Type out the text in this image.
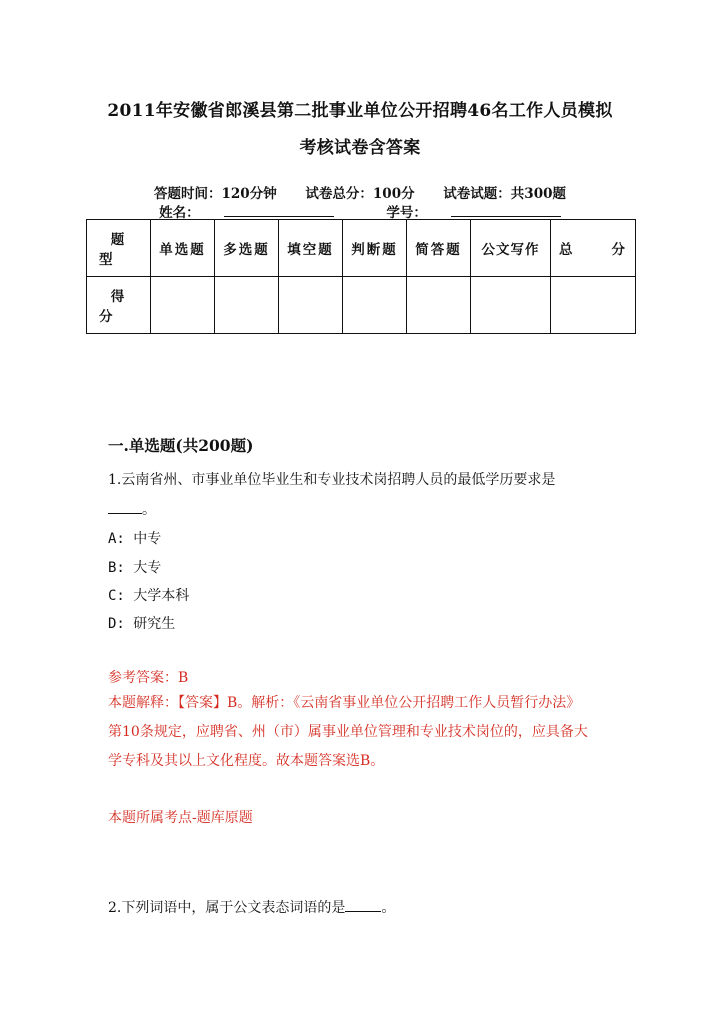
2011年安徽省郎溪县第二批事业单位公开招聘46名工作人员模拟
考核试卷含答案
答题时间：120分钟 试卷总分：100分 试卷试题：共300题
姓名：	学号：
题　型	单选题	多选题	填空题	判断题	简答题	公文写作	总　分
得　分							
一.单选题(共200题)
1.云南省州、市事业单位毕业生和专业技术岗招聘人员的最低学历要求是
。
A: 中专
B: 大专
C: 大学本科
D: 研究生
参考答案：B
本题解释：【答案】B。解析：《云南省事业单位公开招聘工作人员暂行办法》
第10条规定，应聘省、州（市）属事业单位管理和专业技术岗位的，应具备大
学专科及其以上文化程度。故本题答案选B。
本题所属考点-题库原题
2.下列词语中，属于公文表态词语的是	。
